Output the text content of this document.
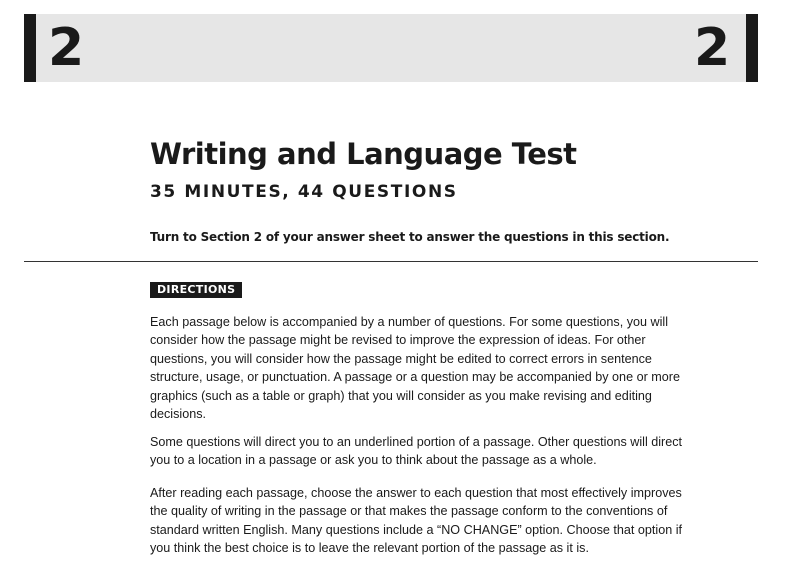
2	2
Writing and Language Test
35 MINUTES, 44 QUESTIONS
Turn to Section 2 of your answer sheet to answer the questions in this section.
DIRECTIONS

Each passage below is accompanied by a number of questions. For some questions, you will consider how the passage might be revised to improve the expression of ideas. For other questions, you will consider how the passage might be edited to correct errors in sentence structure, usage, or punctuation. A passage or a question may be accompanied by one or more graphics (such as a table or graph) that you will consider as you make revising and editing decisions.

Some questions will direct you to an underlined portion of a passage. Other questions will direct you to a location in a passage or ask you to think about the passage as a whole.

After reading each passage, choose the answer to each question that most effectively improves the quality of writing in the passage or that makes the passage conform to the conventions of standard written English. Many questions include a “NO CHANGE” option. Choose that option if you think the best choice is to leave the relevant portion of the passage as it is.
